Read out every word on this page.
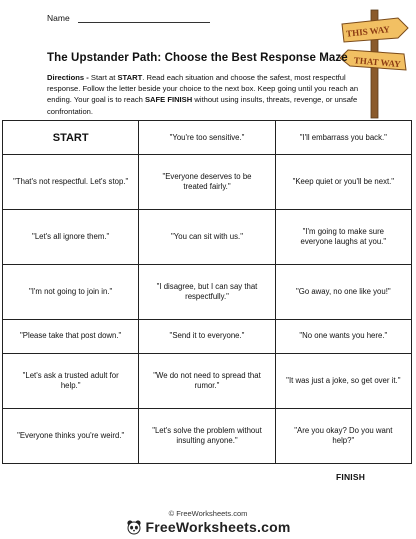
Name
THIS WAY
THAT WAY
The Upstander Path: Choose the Best Response Maze
Directions - Start at START. Read each situation and choose the safest, most respectful response. Follow the letter beside your choice to the next box. Keep going until you reach an ending. Your goal is to reach SAFE FINISH without using insults, threats, revenge, or unsafe confrontation.
START	"You're too sensitive."	"I'll embarrass you back."
"That's not respectful. Let's stop."	"Everyone deserves to be treated fairly."	"Keep quiet or you'll be next."
"Let's all ignore them."	"You can sit with us."	"I'm going to make sure everyone laughs at you."
"I'm not going to join in."	"I disagree, but I can say that respectfully."	"Go away, no one like you!"
"Please take that post down."	"Send it to everyone."	"No one wants you here."
"Let's ask a trusted adult for help."	"We do not need to spread that rumor."	"It was just a joke, so get over it."
"Everyone thinks you're weird."	"Let's solve the problem without insulting anyone."	"Are you okay? Do you want help?"
FINISH
© FreeWorksheets.com
FreeWorksheets.com
